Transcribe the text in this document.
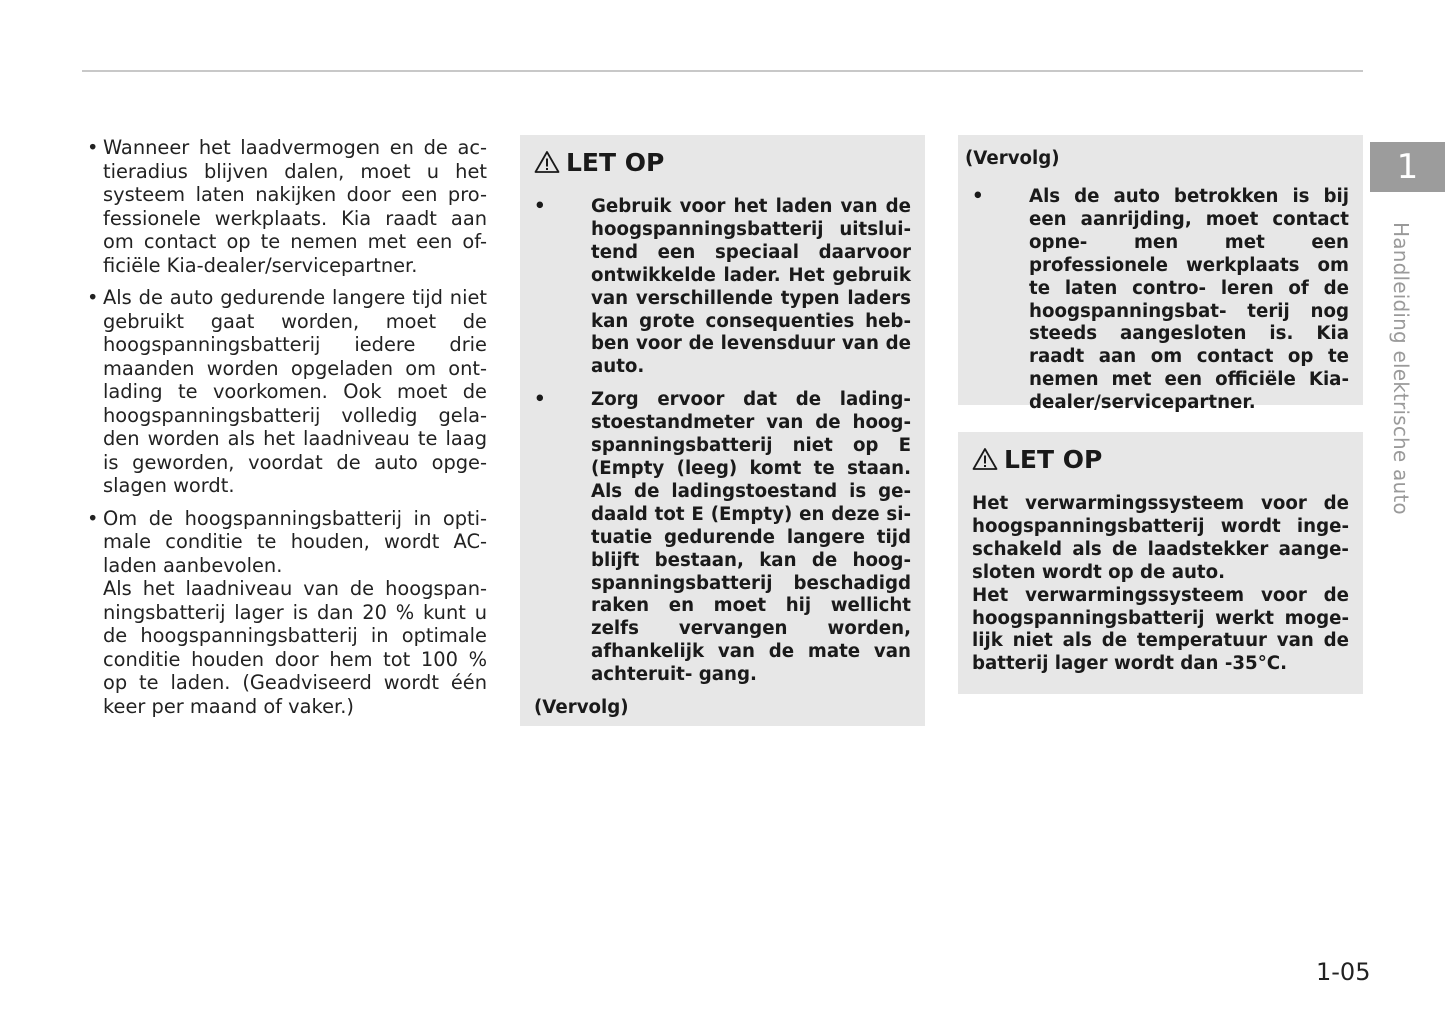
• Wanneer het laadvermogen en de ac- tieradius blijven dalen, moet u het systeem laten nakijken door een pro- fessionele werkplaats. Kia raadt aan om contact op te nemen met een of- ficiële Kia-dealer/servicepartner.

• Als de auto gedurende langere tijd niet gebruikt gaat worden, moet de hoogspanningsbatterij iedere drie maanden worden opgeladen om ont- lading te voorkomen. Ook moet de hoogspanningsbatterij volledig gela- den worden als het laadniveau te laag is geworden, voordat de auto opge- slagen wordt.

• Om de hoogspanningsbatterij in opti- male conditie te houden, wordt AC- laden aanbevolen.

Als het laadniveau van de hoogspan- ningsbatterij lager is dan 20 % kunt u de hoogspanningsbatterij in optimale conditie houden door hem tot 100 % op te laden. (Geadviseerd wordt één keer per maand of vaker.)

LET OP
• Gebruik voor het laden van de hoogspanningsbatterij uitslui- tend een speciaal daarvoor ontwikkelde lader. Het gebruik van verschillende typen laders kan grote consequenties heb- ben voor de levensduur van de auto.
• Zorg ervoor dat de lading- stoestandmeter van de hoog- spanningsbatterij niet op E (Empty (leeg) komt te staan. Als de ladingstoestand is ge- daald tot E (Empty) en deze si- tuatie gedurende langere tijd blijft bestaan, kan de hoog- spanningsbatterij beschadigd raken en moet hij wellicht zelfs vervangen worden, afhankelijk van de mate van achteruit- gang.
(Vervolg)
(Vervolg)
• Als de auto betrokken is bij een aanrijding, moet contact opne- men met een professionele werkplaats om te laten contro- leren of de hoogspanningsbat- terij nog steeds aangesloten is. Kia raadt aan om contact op te nemen met een officiële Kia- dealer/servicepartner.
LET OP

Het verwarmingssysteem voor de hoogspanningsbatterij wordt inge- schakeld als de laadstekker aange- sloten wordt op de auto.

Het verwarmingssysteem voor de hoogspanningsbatterij werkt moge- lijk niet als de temperatuur van de batterij lager wordt dan -35°C.

1
Handleiding elektrische auto
1-05
